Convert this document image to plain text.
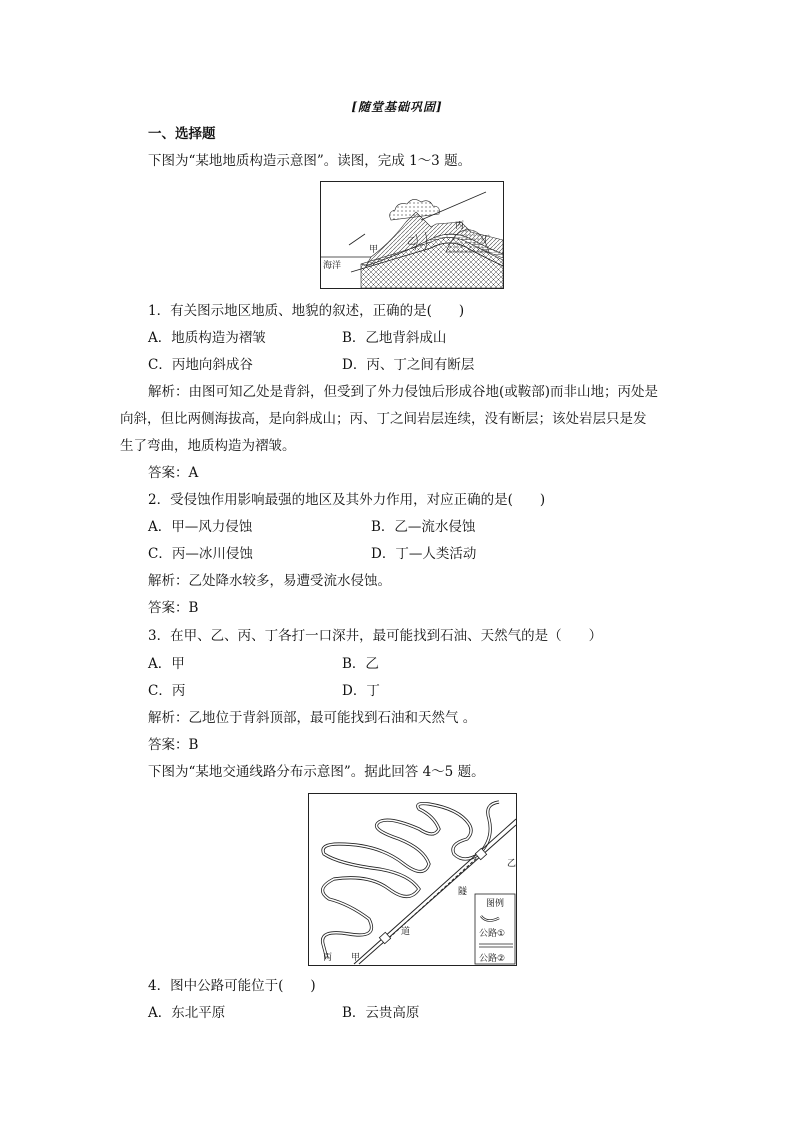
[随堂基础巩固]
一、选择题
下图为“某地地质构造示意图”。读图，完成 1～3 题。
海洋
甲
乙
丙
丁
1．有关图示地区地质、地貌的叙述，正确的是(　　)
A．地质构造为褶皱	B．乙地背斜成山
C．丙地向斜成谷	D．丙、丁之间有断层
解析：由图可知乙处是背斜，但受到了外力侵蚀后形成谷地(或鞍部)而非山地；丙处是
向斜，但比两侧海拔高，是向斜成山；丙、丁之间岩层连续，没有断层；该处岩层只是发
生了弯曲，地质构造为褶皱。
答案：A
2．受侵蚀作用影响最强的地区及其外力作用，对应正确的是(　　)
A．甲—风力侵蚀	B．乙—流水侵蚀
C．丙—冰川侵蚀	D．丁—人类活动
解析：乙处降水较多，易遭受流水侵蚀。
答案：B
3．在甲、乙、丙、丁各打一口深井，最可能找到石油、天然气的是（　　）
A．甲	B．乙
C．丙	D．丁
解析：乙地位于背斜顶部，最可能找到石油和天然气 。
答案：B
下图为“某地交通线路分布示意图”。据此回答 4～5 题。
丙 甲
道
隧
乙
图例
公路①
公路②
4．图中公路可能位于(　　)
A．东北平原	B．云贵高原
